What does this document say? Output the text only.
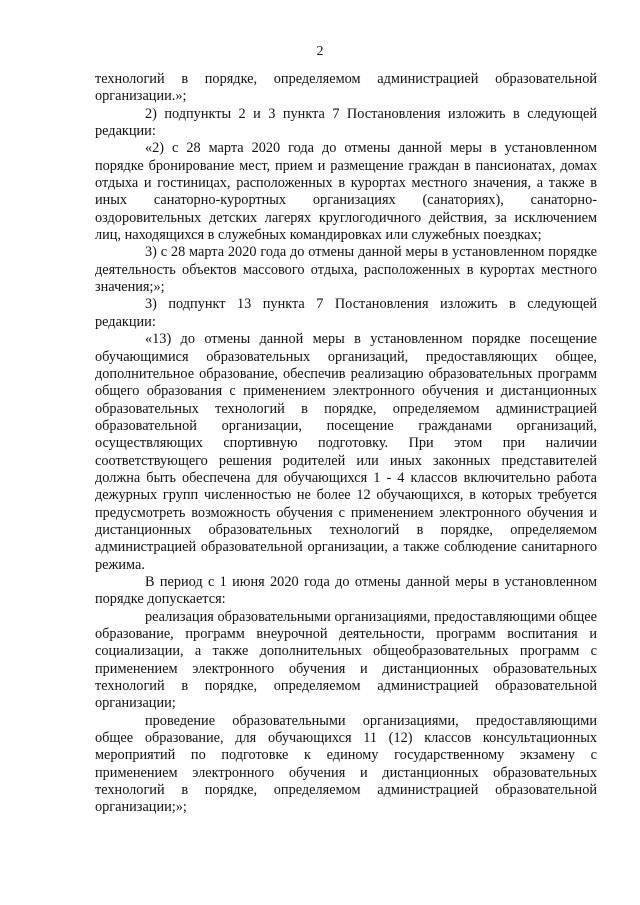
2

технологий в порядке, определяемом администрацией образовательной организации.»;

2) подпункты 2 и 3 пункта 7 Постановления изложить в следующей редакции:

«2) с 28 марта 2020 года до отмены данной меры в установленном порядке бронирование мест, прием и размещение граждан в пансионатах, домах отдыха и гостиницах, расположенных в курортах местного значения, а также в иных санаторно-курортных организациях (санаториях), санаторно-оздоровительных детских лагерях круглогодичного действия, за исключением лиц, находящихся в служебных командировках или служебных поездках;

3) с 28 марта 2020 года до отмены данной меры в установленном порядке деятельность объектов массового отдыха, расположенных в курортах местного значения;»;

3) подпункт 13 пункта 7 Постановления изложить в следующей редакции:

«13) до отмены данной меры в установленном порядке посещение обучающимися образовательных организаций, предоставляющих общее, дополнительное образование, обеспечив реализацию образовательных программ общего образования с применением электронного обучения и дистанционных образовательных технологий в порядке, определяемом администрацией образовательной организации, посещение гражданами организаций, осуществляющих спортивную подготовку. При этом при наличии соответствующего решения родителей или иных законных представителей должна быть обеспечена для обучающихся 1 - 4 классов включительно работа дежурных групп численностью не более 12 обучающихся, в которых требуется предусмотреть возможность обучения с применением электронного обучения и дистанционных образовательных технологий в порядке, определяемом администрацией образовательной организации, а также соблюдение санитарного режима.

В период с 1 июня 2020 года до отмены данной меры в установленном порядке допускается:

реализация образовательными организациями, предоставляющими общее образование, программ внеурочной деятельности, программ воспитания и социализации, а также дополнительных общеобразовательных программ с применением электронного обучения и дистанционных образовательных технологий в порядке, определяемом администрацией образовательной организации;

проведение образовательными организациями, предоставляющими общее образование, для обучающихся 11 (12) классов консультационных мероприятий по подготовке к единому государственному экзамену с применением электронного обучения и дистанционных образовательных технологий в порядке, определяемом администрацией образовательной организации;»;
